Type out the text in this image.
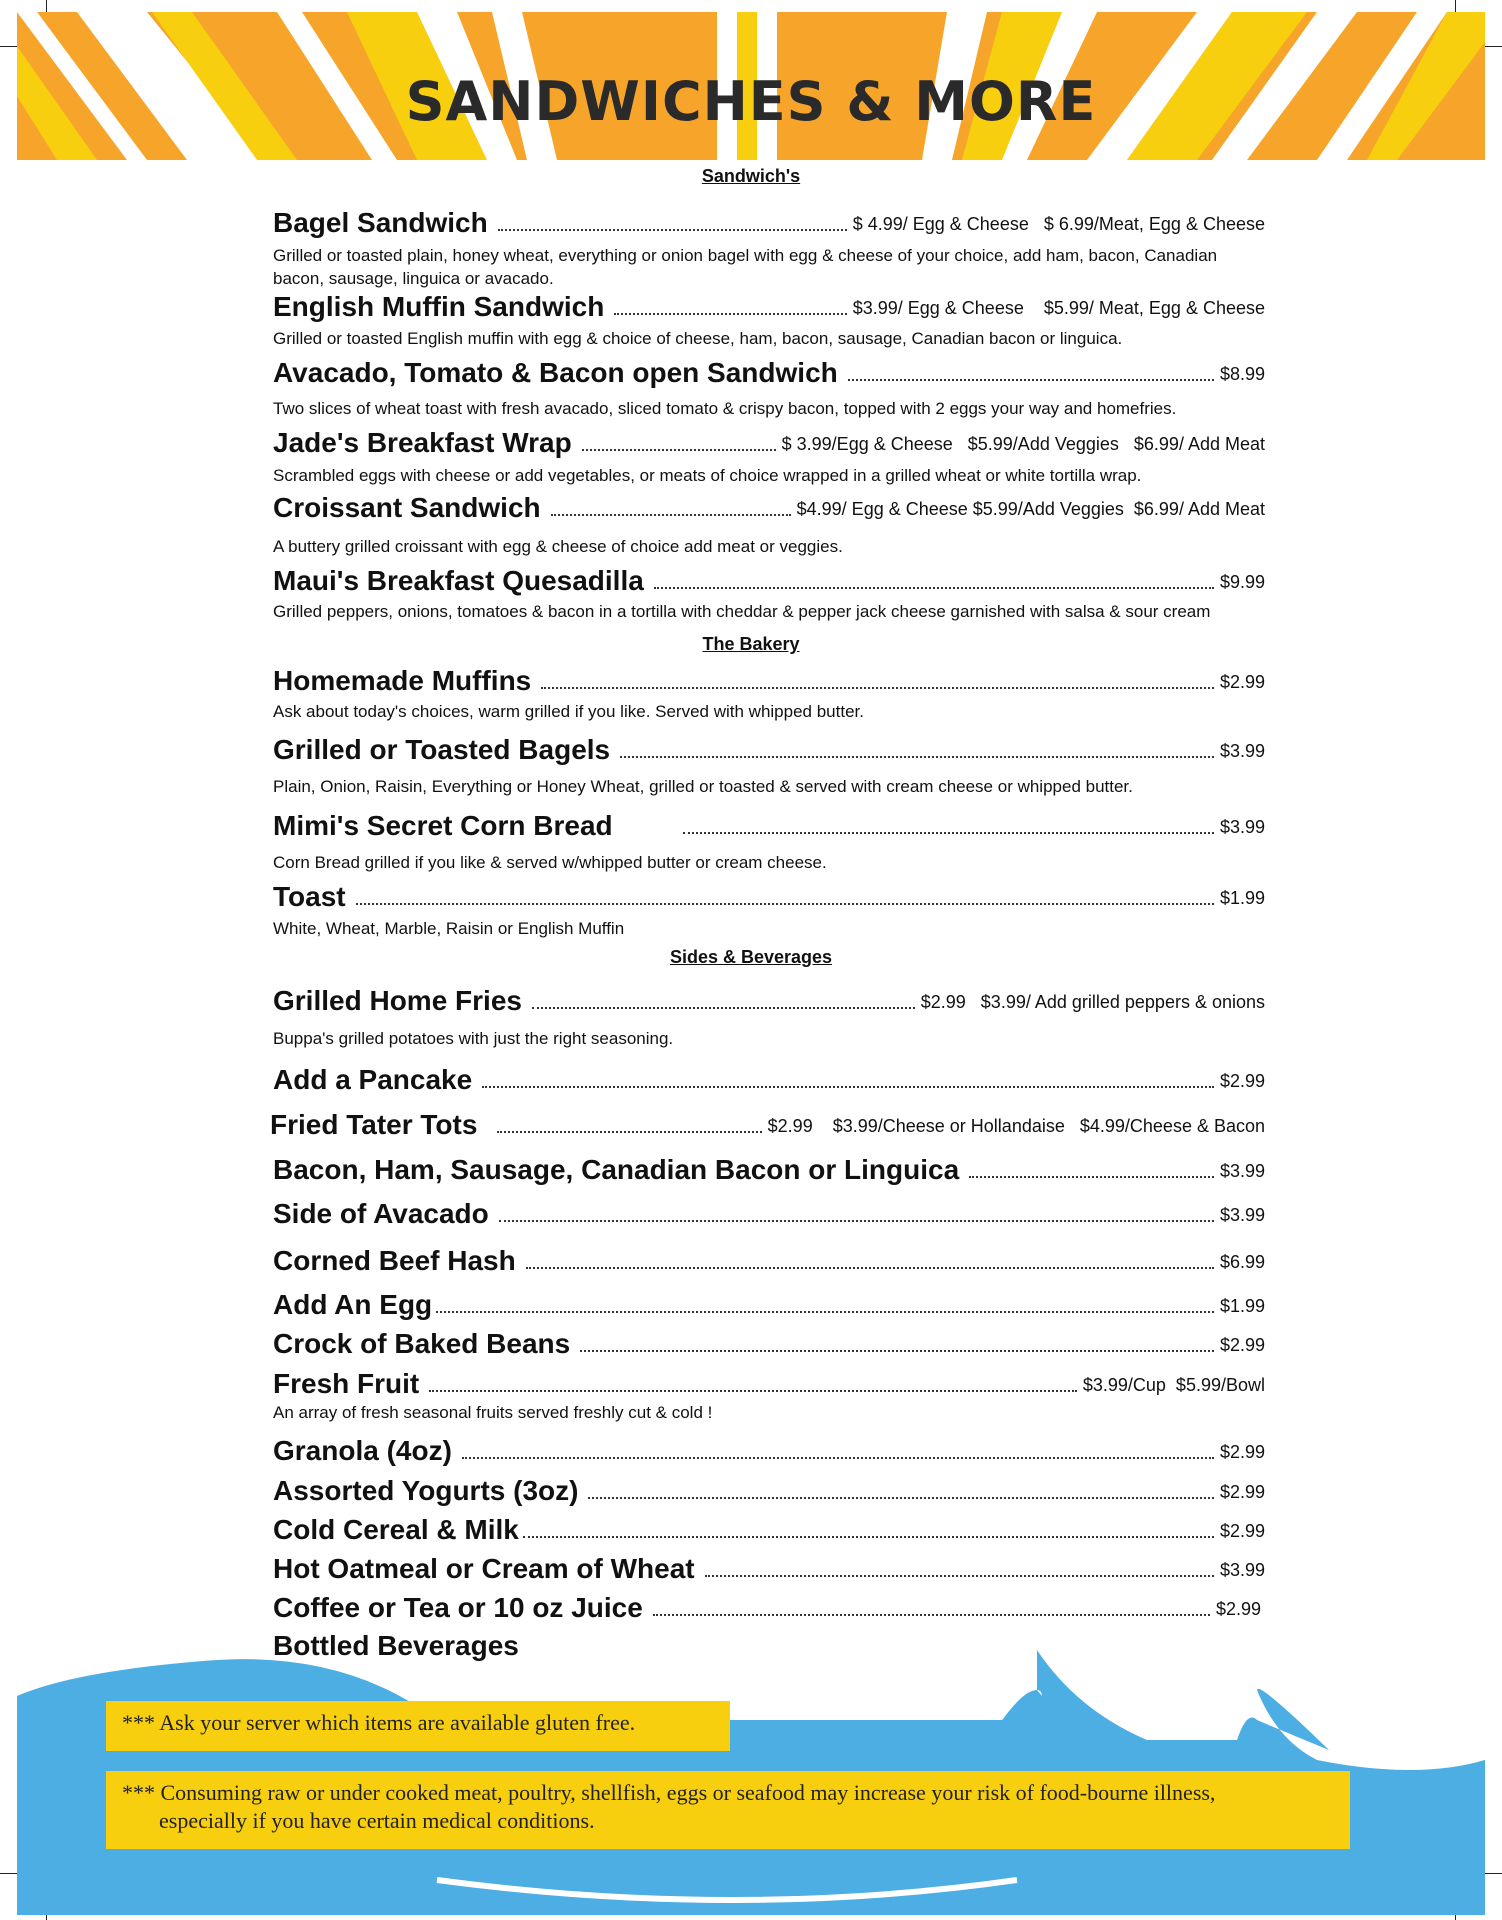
SANDWICHES & MORE
Sandwich's
Bagel Sandwich	$ 4.99/ Egg & Cheese   $ 6.99/Meat, Egg & Cheese
Grilled or toasted plain, honey wheat, everything or onion bagel with egg & cheese of your choice, add ham, bacon, Canadian bacon, sausage, linguica or avacado.
English Muffin Sandwich	$3.99/ Egg & Cheese    $5.99/ Meat, Egg & Cheese
Grilled or toasted English muffin with egg & choice of cheese, ham, bacon, sausage, Canadian bacon or linguica.
Avacado, Tomato & Bacon open Sandwich	$8.99
Two slices of wheat toast with fresh avacado, sliced tomato & crispy bacon, topped with 2 eggs your way and homefries.
Jade's Breakfast Wrap	$ 3.99/Egg & Cheese   $5.99/Add Veggies   $6.99/ Add Meat
Scrambled eggs with cheese or add vegetables, or meats of choice wrapped in a grilled wheat or white tortilla wrap.
Croissant Sandwich	$4.99/ Egg & Cheese $5.99/Add Veggies  $6.99/ Add Meat
A buttery grilled croissant with egg & cheese of choice add meat or veggies.
Maui's Breakfast Quesadilla	$9.99
Grilled peppers, onions, tomatoes & bacon in a tortilla with cheddar & pepper jack cheese garnished with salsa & sour cream
The Bakery
Homemade Muffins	$2.99
Ask about today's choices, warm grilled if you like. Served with whipped butter.
Grilled or Toasted Bagels	$3.99
Plain, Onion, Raisin, Everything or Honey Wheat, grilled or toasted & served with cream cheese or whipped butter.
Mimi's Secret Corn Bread	$3.99
Corn Bread grilled if you like & served w/whipped butter or cream cheese.
Toast	$1.99
White, Wheat, Marble, Raisin or English Muffin
Sides & Beverages
Grilled Home Fries	$2.99   $3.99/ Add grilled peppers & onions
Buppa's grilled potatoes with just the right seasoning.
Add a Pancake	$2.99
Fried Tater Tots	$2.99    $3.99/Cheese or Hollandaise   $4.99/Cheese & Bacon
Bacon, Ham, Sausage, Canadian Bacon or Linguica	$3.99
Side of Avacado	$3.99
Corned Beef Hash	$6.99
Add An Egg	$1.99
Crock of Baked Beans	$2.99
Fresh Fruit	$3.99/Cup  $5.99/Bowl
An array of fresh seasonal fruits served freshly cut & cold !
Granola (4oz)	$2.99
Assorted Yogurts (3oz)	$2.99
Cold Cereal & Milk	$2.99
Hot Oatmeal or Cream of Wheat	$3.99
Coffee or Tea or 10 oz Juice	$2.99
Bottled Beverages
*** Ask your server which items are available gluten free.
*** Consuming raw or under cooked meat, poultry, shellfish, eggs or seafood may increase your risk of food-bourne illness,
especially if you have certain medical conditions.
